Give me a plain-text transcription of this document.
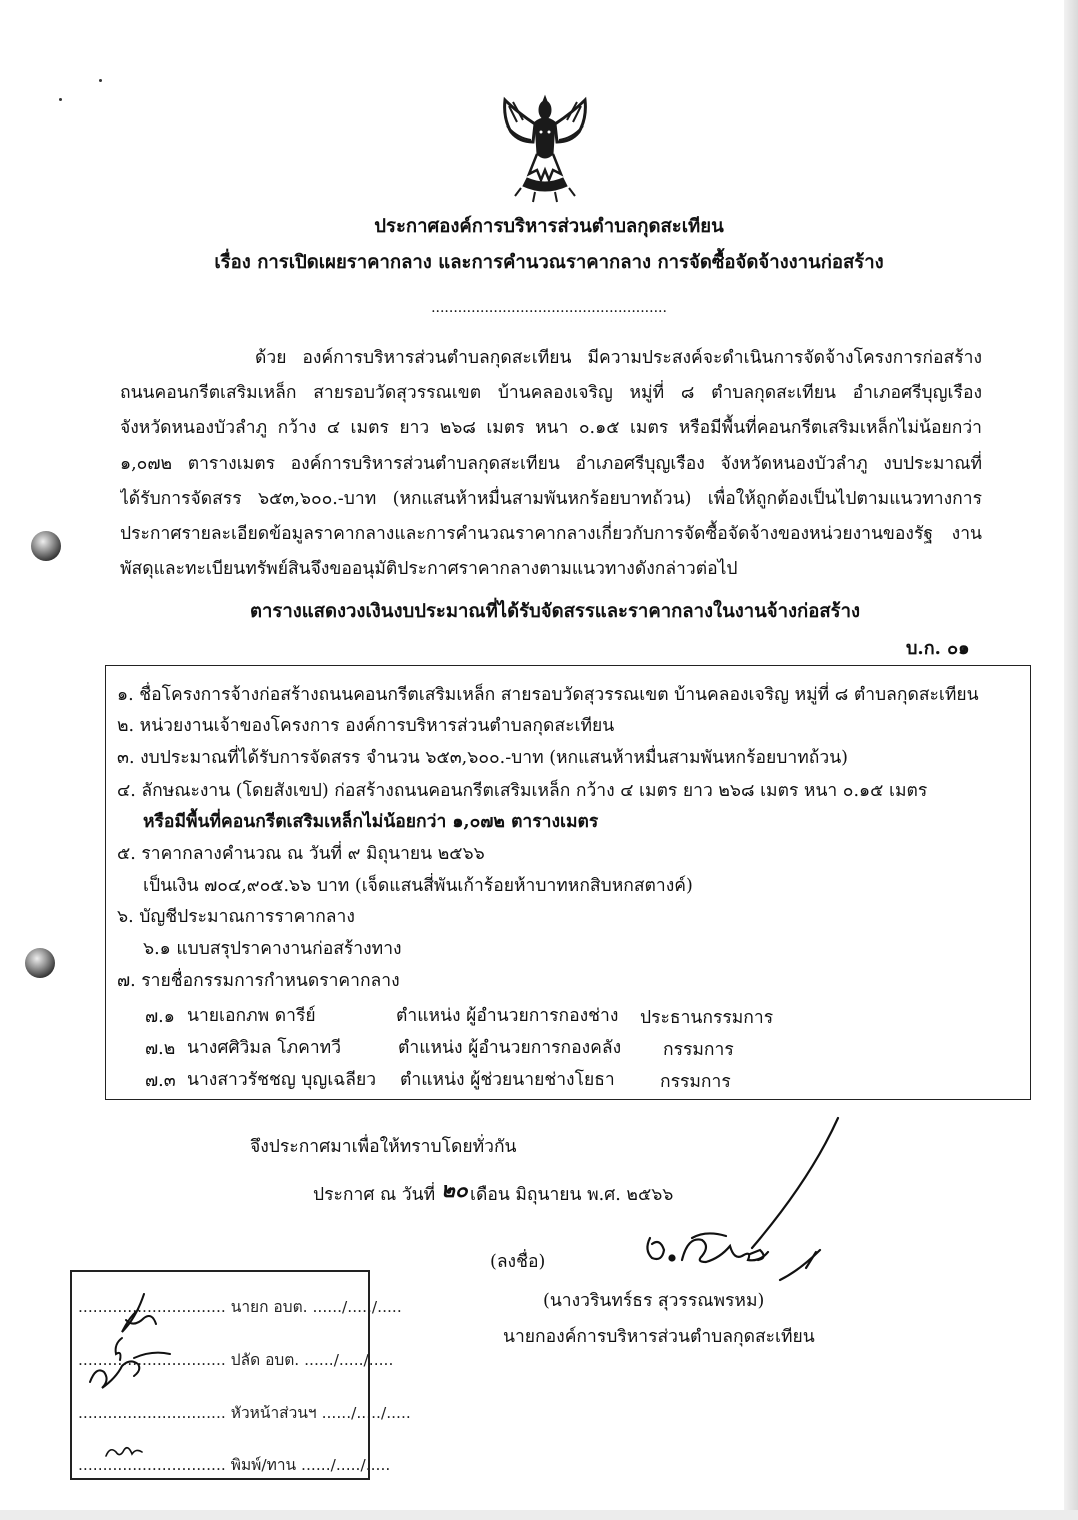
ประกาศองค์การบริหารส่วนตำบลกุดสะเทียน
เรื่อง การเปิดเผยราคากลาง และการคำนวณราคากลาง การจัดซื้อจัดจ้างงานก่อสร้าง
.....................................................
ด้วย องค์การบริหารส่วนตำบลกุดสะเทียน มีความประสงค์จะดำเนินการจัดจ้างโครงการก่อสร้าง
ถนนคอนกรีตเสริมเหล็ก สายรอบวัดสุวรรณเขต บ้านคลองเจริญ หมู่ที่ ๘ ตำบลกุดสะเทียน อำเภอศรีบุญเรือง
จังหวัดหนองบัวลำภู กว้าง ๔ เมตร ยาว ๒๖๘ เมตร หนา ๐.๑๕ เมตร หรือมีพื้นที่คอนกรีตเสริมเหล็กไม่น้อยกว่า
๑,๐๗๒ ตารางเมตร องค์การบริหารส่วนตำบลกุดสะเทียน อำเภอศรีบุญเรือง จังหวัดหนองบัวลำภู งบประมาณที่
ได้รับการจัดสรร ๖๕๓,๖๐๐.-บาท (หกแสนห้าหมื่นสามพันหกร้อยบาทถ้วน) เพื่อให้ถูกต้องเป็นไปตามแนวทางการ
ประกาศรายละเอียดข้อมูลราคากลางและการคำนวณราคากลางเกี่ยวกับการจัดซื้อจัดจ้างของหน่วยงานของรัฐ งาน
พัสดุและทะเบียนทรัพย์สินจึงขออนุมัติประกาศราคากลางตามแนวทางดังกล่าวต่อไป
ตารางแสดงวงเงินงบประมาณที่ได้รับจัดสรรและราคากลางในงานจ้างก่อสร้าง
บ.ก. ๐๑
๑. ชื่อโครงการจ้างก่อสร้างถนนคอนกรีตเสริมเหล็ก สายรอบวัดสุวรรณเขต บ้านคลองเจริญ หมู่ที่ ๘ ตำบลกุดสะเทียน
๒. หน่วยงานเจ้าของโครงการ องค์การบริหารส่วนตำบลกุดสะเทียน
๓. งบประมาณที่ได้รับการจัดสรร จำนวน ๖๕๓,๖๐๐.-บาท (หกแสนห้าหมื่นสามพันหกร้อยบาทถ้วน)
๔. ลักษณะงาน (โดยสังเขป) ก่อสร้างถนนคอนกรีตเสริมเหล็ก กว้าง ๔ เมตร ยาว ๒๖๘ เมตร หนา ๐.๑๕ เมตร
หรือมีพื้นที่คอนกรีตเสริมเหล็กไม่น้อยกว่า ๑,๐๗๒ ตารางเมตร
๕. ราคากลางคำนวณ ณ วันที่ ๙ มิถุนายน ๒๕๖๖
เป็นเงิน ๗๐๔,๙๐๕.๖๖ บาท (เจ็ดแสนสี่พันเก้าร้อยห้าบาทหกสิบหกสตางค์)
๖. บัญชีประมาณการราคากลาง
๖.๑ แบบสรุปราคางานก่อสร้างทาง
๗. รายชื่อกรรมการกำหนดราคากลาง
๗.๑ นายเอกภพ ดารีย์	ตำแหน่ง ผู้อำนวยการกองช่าง ประธานกรรมการ
๗.๒ นางศศิวิมล โภคาทวี	ตำแหน่ง ผู้อำนวยการกองคลัง กรรมการ
๗.๓ นางสาวรัชชญ บุญเฉลียว ตำแหน่ง ผู้ช่วยนายช่างโยธา	กรรมการ
จึงประกาศมาเพื่อให้ทราบโดยทั่วกัน
ประกาศ ณ วันที่ ๒๐ เดือน มิถุนายน พ.ศ. ๒๕๖๖
(ลงชื่อ)
(นางวรินทร์ธร สุวรรณพรหม)
นายกองค์การบริหารส่วนตำบลกุดสะเทียน
.............................. นายก อบต. ....../...../.....
.............................. ปลัด อบต. ....../...../.....
.............................. หัวหน้าส่วนฯ ....../...../.....
.............................. พิมพ์/ทาน ....../...../.....
